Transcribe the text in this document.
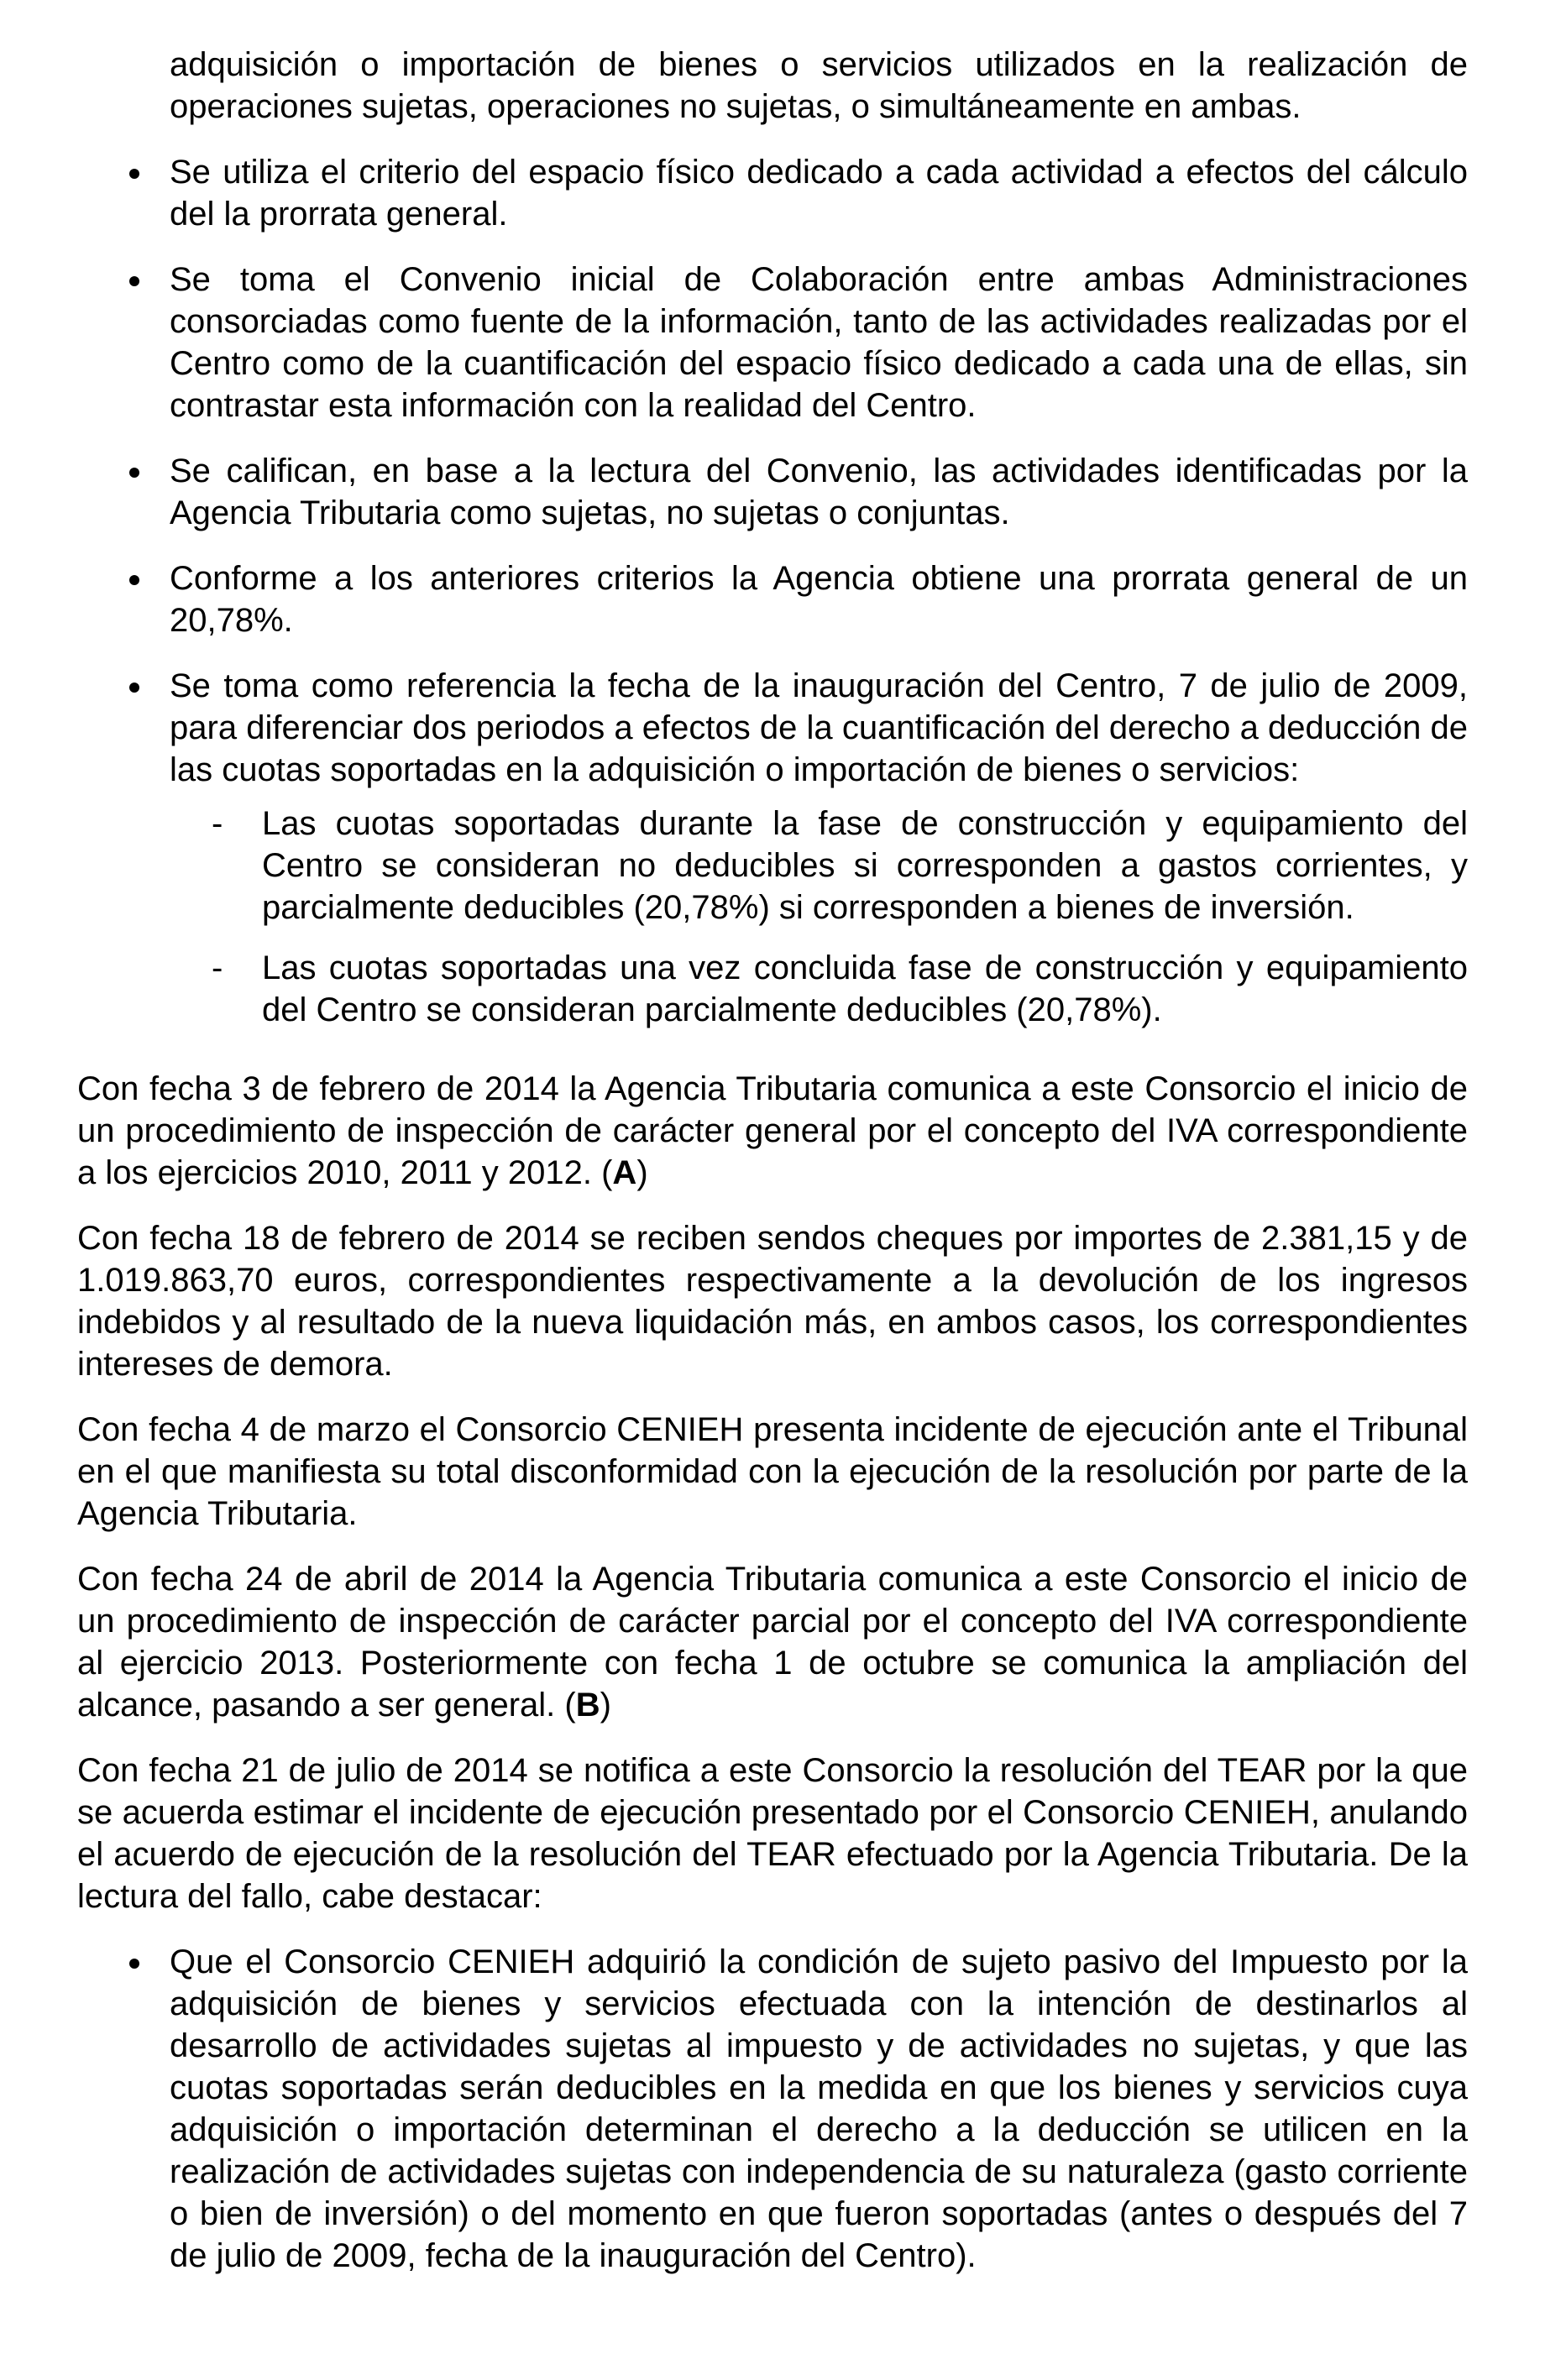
adquisición o importación de bienes o servicios utilizados en la realización de operaciones sujetas, operaciones no sujetas, o simultáneamente en ambas.

Se utiliza el criterio del espacio físico dedicado a cada actividad a efectos del cálculo del la prorrata general.
Se toma el Convenio inicial de Colaboración entre ambas Administraciones consorciadas como fuente de la información, tanto de las actividades realizadas por el Centro como de la cuantificación del espacio físico dedicado a cada una de ellas, sin contrastar esta información con la realidad del Centro.
Se califican, en base a la lectura del Convenio, las actividades identificadas por la Agencia Tributaria como sujetas, no sujetas o conjuntas.
Conforme a los anteriores criterios la Agencia obtiene una prorrata general de un 20,78%.
Se toma como referencia la fecha de la inauguración del Centro, 7 de julio de 2009, para diferenciar dos periodos a efectos de la cuantificación del derecho a deducción de las cuotas soportadas en la adquisición o importación de bienes o servicios:
- Las cuotas soportadas durante la fase de construcción y equipamiento del Centro se consideran no deducibles si corresponden a gastos corrientes, y parcialmente deducibles (20,78%) si corresponden a bienes de inversión.
- Las cuotas soportadas una vez concluida fase de construcción y equipamiento del Centro se consideran parcialmente deducibles (20,78%).

Con fecha 3 de febrero de 2014 la Agencia Tributaria comunica a este Consorcio el inicio de un procedimiento de inspección de carácter general por el concepto del IVA correspondiente a los ejercicios 2010, 2011 y 2012. (A)

Con fecha 18 de febrero de 2014 se reciben sendos cheques por importes de 2.381,15 y de 1.019.863,70 euros, correspondientes respectivamente a la devolución de los ingresos indebidos y al resultado de la nueva liquidación más, en ambos casos, los correspondientes intereses de demora.

Con fecha 4 de marzo el Consorcio CENIEH presenta incidente de ejecución ante el Tribunal en el que manifiesta su total disconformidad con la ejecución de la resolución por parte de la Agencia Tributaria.

Con fecha 24 de abril de 2014 la Agencia Tributaria comunica a este Consorcio el inicio de un procedimiento de inspección de carácter parcial por el concepto del IVA correspondiente al ejercicio 2013. Posteriormente con fecha 1 de octubre se comunica la ampliación del alcance, pasando a ser general. (B)

Con fecha 21 de julio de 2014 se notifica a este Consorcio la resolución del TEAR por la que se acuerda estimar el incidente de ejecución presentado por el Consorcio CENIEH, anulando el acuerdo de ejecución de la resolución del TEAR efectuado por la Agencia Tributaria. De la lectura del fallo, cabe destacar:

Que el Consorcio CENIEH adquirió la condición de sujeto pasivo del Impuesto por la adquisición de bienes y servicios efectuada con la intención de destinarlos al desarrollo de actividades sujetas al impuesto y de actividades no sujetas, y que las cuotas soportadas serán deducibles en la medida en que los bienes y servicios cuya adquisición o importación determinan el derecho a la deducción se utilicen en la realización de actividades sujetas con independencia de su naturaleza (gasto corriente o bien de inversión) o del momento en que fueron soportadas (antes o después del 7 de julio de 2009, fecha de la inauguración del Centro).
